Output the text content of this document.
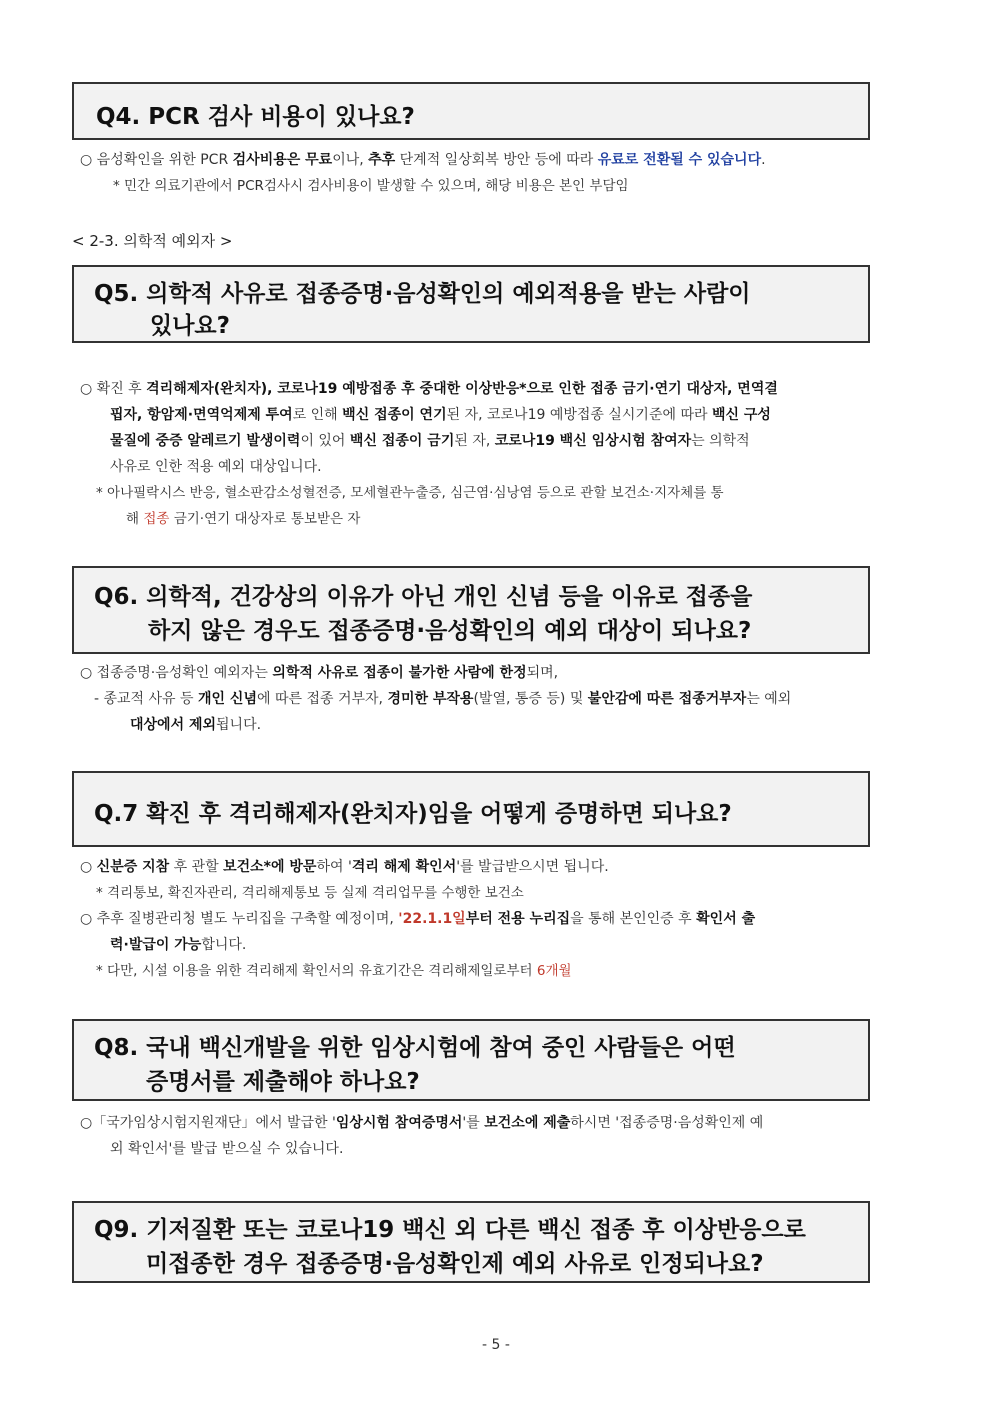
Q4. PCR 검사 비용이 있나요?
○ 음성확인을 위한 PCR 검사비용은 무료이나, 추후 단계적 일상회복 방안 등에 따라 유료로 전환될 수 있습니다.
* 민간 의료기관에서 PCR검사시 검사비용이 발생할 수 있으며, 해당 비용은 본인 부담임
< 2-3. 의학적 예외자 >
Q5. 의학적 사유로 접종증명·음성확인의 예외적용을 받는 사람이
있나요?
○ 확진 후 격리해제자(완치자), 코로나19 예방접종 후 중대한 이상반응*으로 인한 접종 금기·연기 대상자, 면역결
핍자, 항암제·면역억제제 투여로 인해 백신 접종이 연기된 자, 코로나19 예방접종 실시기준에 따라 백신 구성
물질에 중증 알레르기 발생이력이 있어 백신 접종이 금기된 자, 코로나19 백신 임상시험 참여자는 의학적
사유로 인한 적용 예외 대상입니다.
* 아나필락시스 반응, 혈소판감소성혈전증, 모세혈관누출증, 심근염·심낭염 등으로 관할 보건소·지자체를 통
해 접종 금기·연기 대상자로 통보받은 자
Q6. 의학적, 건강상의 이유가 아닌 개인 신념 등을 이유로 접종을
하지 않은 경우도 접종증명·음성확인의 예외 대상이 되나요?
○ 접종증명·음성확인 예외자는 의학적 사유로 접종이 불가한 사람에 한정되며,
- 종교적 사유 등 개인 신념에 따른 접종 거부자, 경미한 부작용(발열, 통증 등) 및 불안감에 따른 접종거부자는 예외
대상에서 제외됩니다.
Q.7 확진 후 격리해제자(완치자)임을 어떻게 증명하면 되나요?
○ 신분증 지참 후 관할 보건소*에 방문하여 '격리 해제 확인서'를 발급받으시면 됩니다.
* 격리통보, 확진자관리, 격리해제통보 등 실제 격리업무를 수행한 보건소
○ 추후 질병관리청 별도 누리집을 구축할 예정이며, '22.1.1일부터 전용 누리집을 통해 본인인증 후 확인서 출
력·발급이 가능합니다.
* 다만, 시설 이용을 위한 격리해제 확인서의 유효기간은 격리해제일로부터 6개월
Q8. 국내 백신개발을 위한 임상시험에 참여 중인 사람들은 어떤
증명서를 제출해야 하나요?
○「국가임상시험지원재단」에서 발급한 '임상시험 참여증명서'를 보건소에 제출하시면 '접종증명·음성확인제 예
외 확인서'를 발급 받으실 수 있습니다.
Q9. 기저질환 또는 코로나19 백신 외 다른 백신 접종 후 이상반응으로
미접종한 경우 접종증명·음성확인제 예외 사유로 인정되나요?
- 5 -
